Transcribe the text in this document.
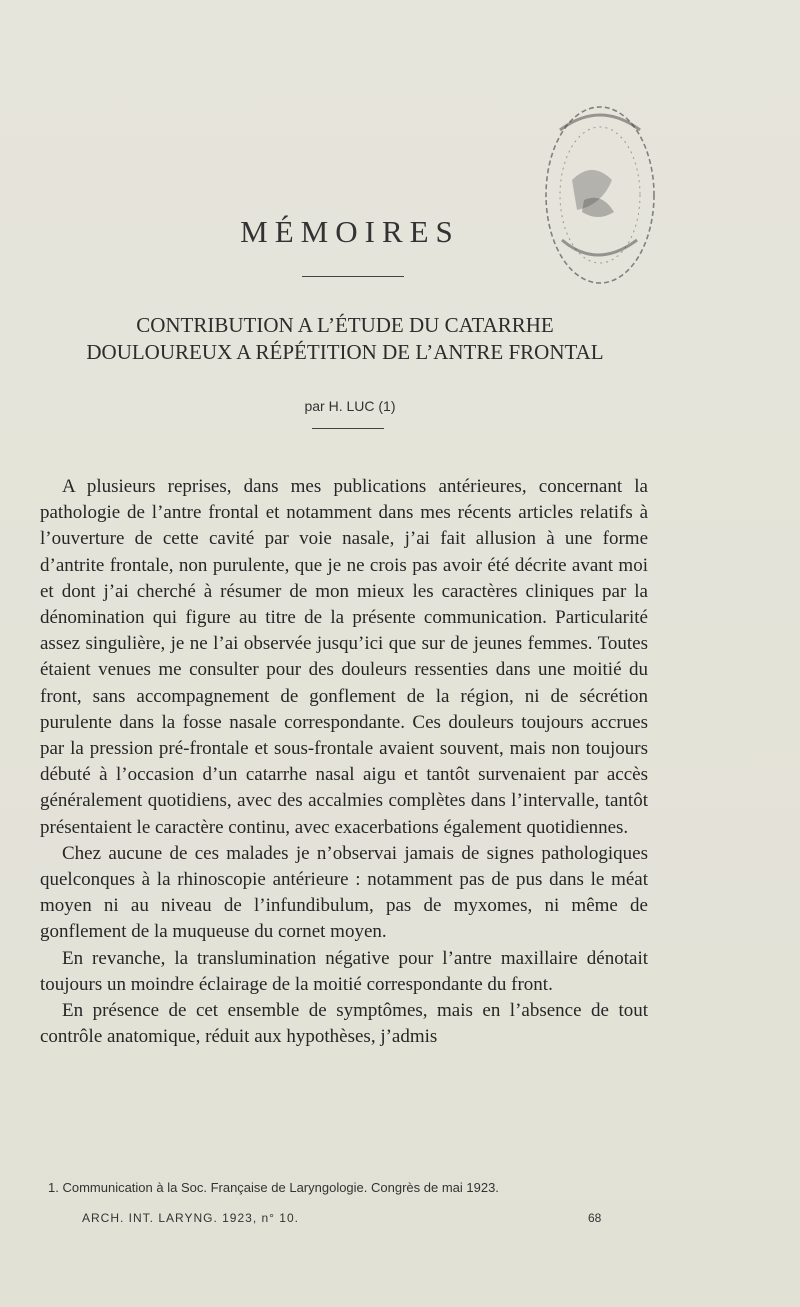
MÉMOIRES
CONTRIBUTION A L’ÉTUDE DU CATARRHE
DOULOUREUX A RÉPÉTITION DE L’ANTRE FRONTAL
par H. LUC (1)

A plusieurs reprises, dans mes publications antérieures, concernant la pathologie de l’antre frontal et notamment dans mes récents articles relatifs à l’ouverture de cette cavité par voie nasale, j’ai fait allusion à une forme d’antrite frontale, non purulente, que je ne crois pas avoir été décrite avant moi et dont j’ai cherché à résumer de mon mieux les caractères cliniques par la dénomination qui figure au titre de la présente communication. Particularité assez singulière, je ne l’ai observée jusqu’ici que sur de jeunes femmes. Toutes étaient venues me consulter pour des douleurs ressenties dans une moitié du front, sans accompagnement de gonflement de la région, ni de sécrétion purulente dans la fosse nasale correspondante. Ces douleurs toujours accrues par la pression pré-frontale et sous-frontale avaient souvent, mais non toujours débuté à l’occasion d’un catarrhe nasal aigu et tantôt survenaient par accès généralement quotidiens, avec des accalmies complètes dans l’intervalle, tantôt présentaient le caractère continu, avec exacerbations également quotidiennes.

Chez aucune de ces malades je n’observai jamais de signes pathologiques quelconques à la rhinoscopie antérieure : notamment pas de pus dans le méat moyen ni au niveau de l’infundibulum, pas de myxomes, ni même de gonflement de la muqueuse du cornet moyen.

En revanche, la translumination négative pour l’antre maxillaire dénotait toujours un moindre éclairage de la moitié correspondante du front.

En présence de cet ensemble de symptômes, mais en l’absence de tout contrôle anatomique, réduit aux hypothèses, j’admis

1. Communication à la Soc. Française de Laryngologie. Congrès de mai 1923.
ARCH. INT. LARYNG. 1923, n° 10.	68
